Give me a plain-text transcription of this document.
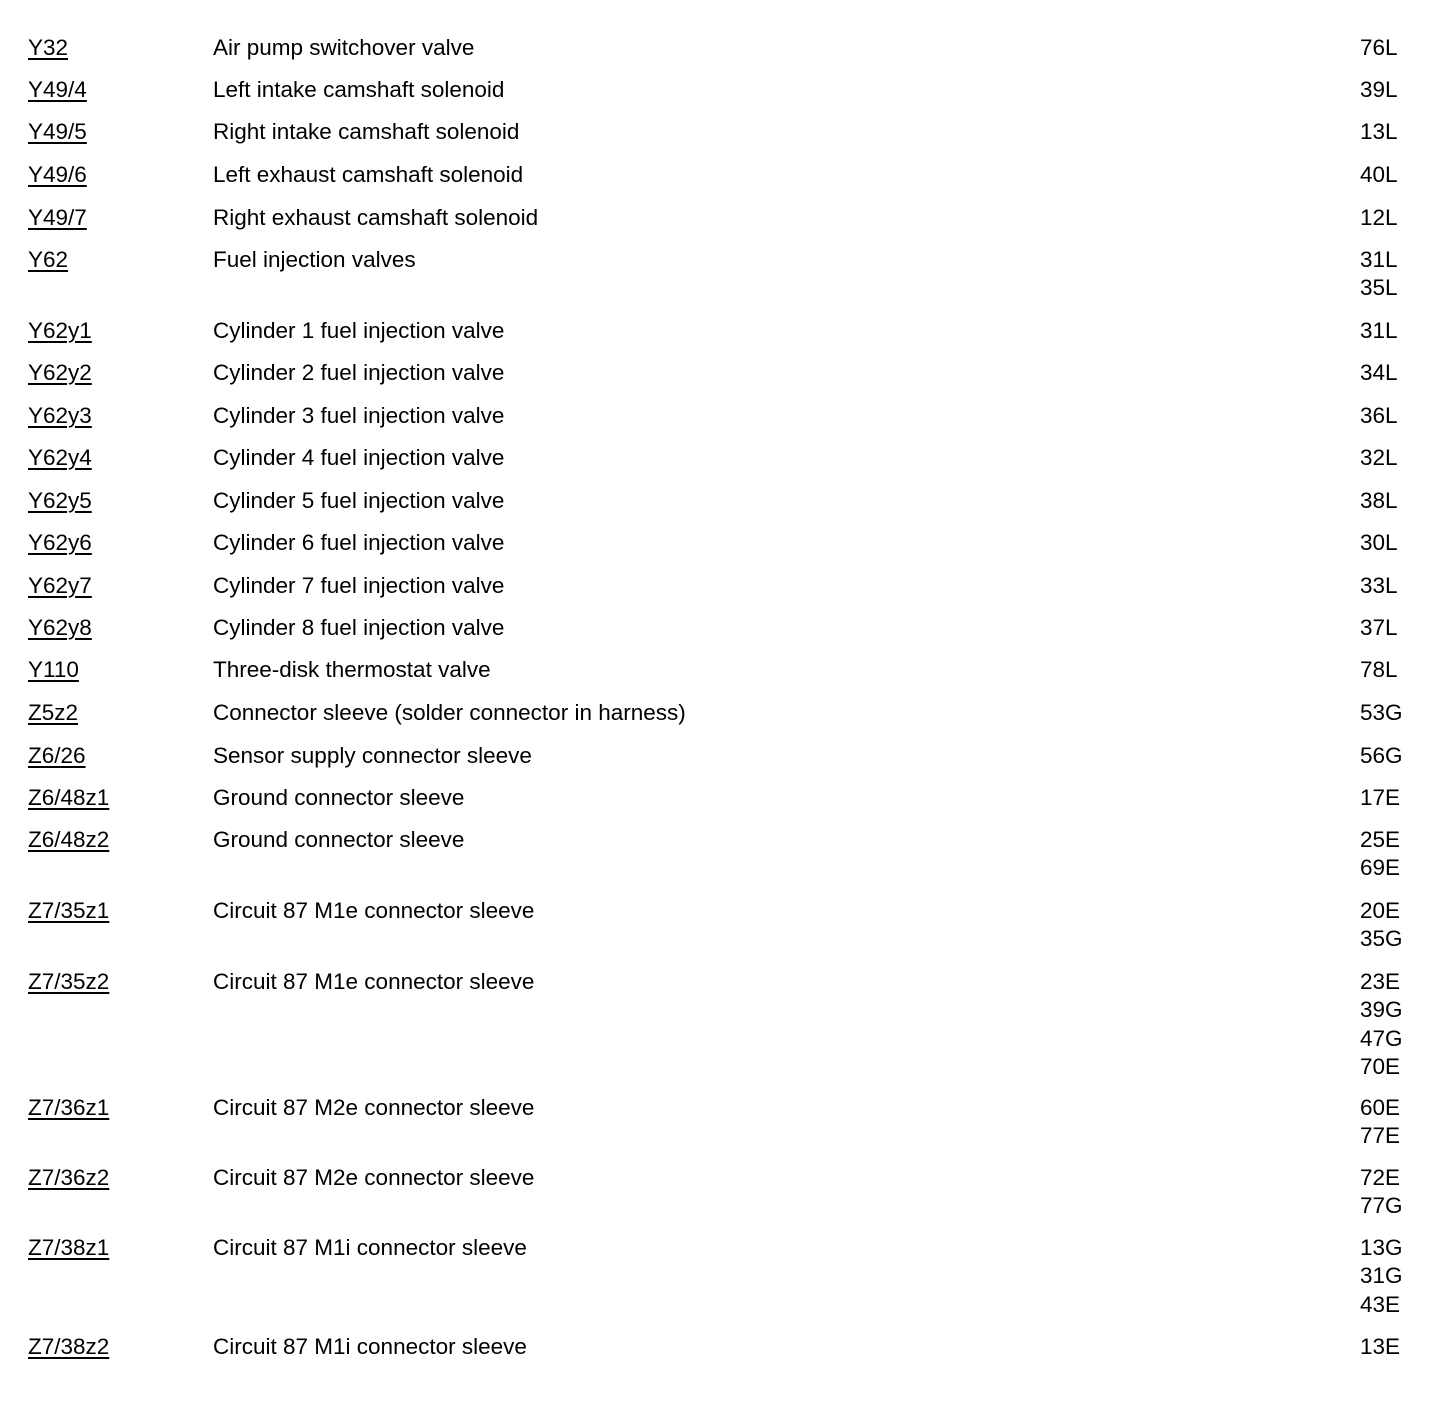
Y32	Air pump switchover valve	76L
Y49/4	Left intake camshaft solenoid	39L
Y49/5	Right intake camshaft solenoid	13L
Y49/6	Left exhaust camshaft solenoid	40L
Y49/7	Right exhaust camshaft solenoid	12L
Y62	Fuel injection valves	31L
35L
Y62y1	Cylinder 1 fuel injection valve	31L
Y62y2	Cylinder 2 fuel injection valve	34L
Y62y3	Cylinder 3 fuel injection valve	36L
Y62y4	Cylinder 4 fuel injection valve	32L
Y62y5	Cylinder 5 fuel injection valve	38L
Y62y6	Cylinder 6 fuel injection valve	30L
Y62y7	Cylinder 7 fuel injection valve	33L
Y62y8	Cylinder 8 fuel injection valve	37L
Y110	Three-disk thermostat valve	78L
Z5z2	Connector sleeve (solder connector in harness)	53G
Z6/26	Sensor supply connector sleeve	56G
Z6/48z1	Ground connector sleeve	17E
Z6/48z2	Ground connector sleeve	25E
69E
Z7/35z1	Circuit 87 M1e connector sleeve	20E
35G
Z7/35z2	Circuit 87 M1e connector sleeve	23E
39G
47G
70E
Z7/36z1	Circuit 87 M2e connector sleeve	60E
77E
Z7/36z2	Circuit 87 M2e connector sleeve	72E
77G
Z7/38z1	Circuit 87 M1i connector sleeve	13G
31G
43E
Z7/38z2	Circuit 87 M1i connector sleeve	13E
